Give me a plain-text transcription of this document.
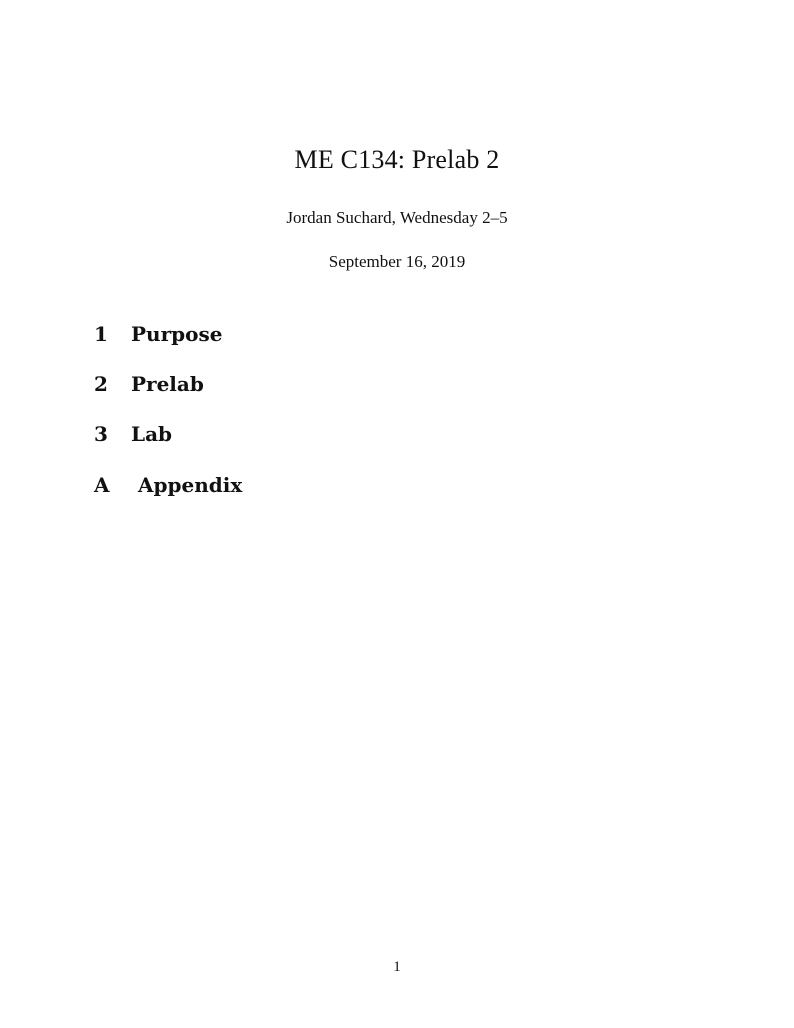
ME C134: Prelab 2
Jordan Suchard, Wednesday 2–5
September 16, 2019
1 Purpose
2 Prelab
3 Lab
A Appendix
1
